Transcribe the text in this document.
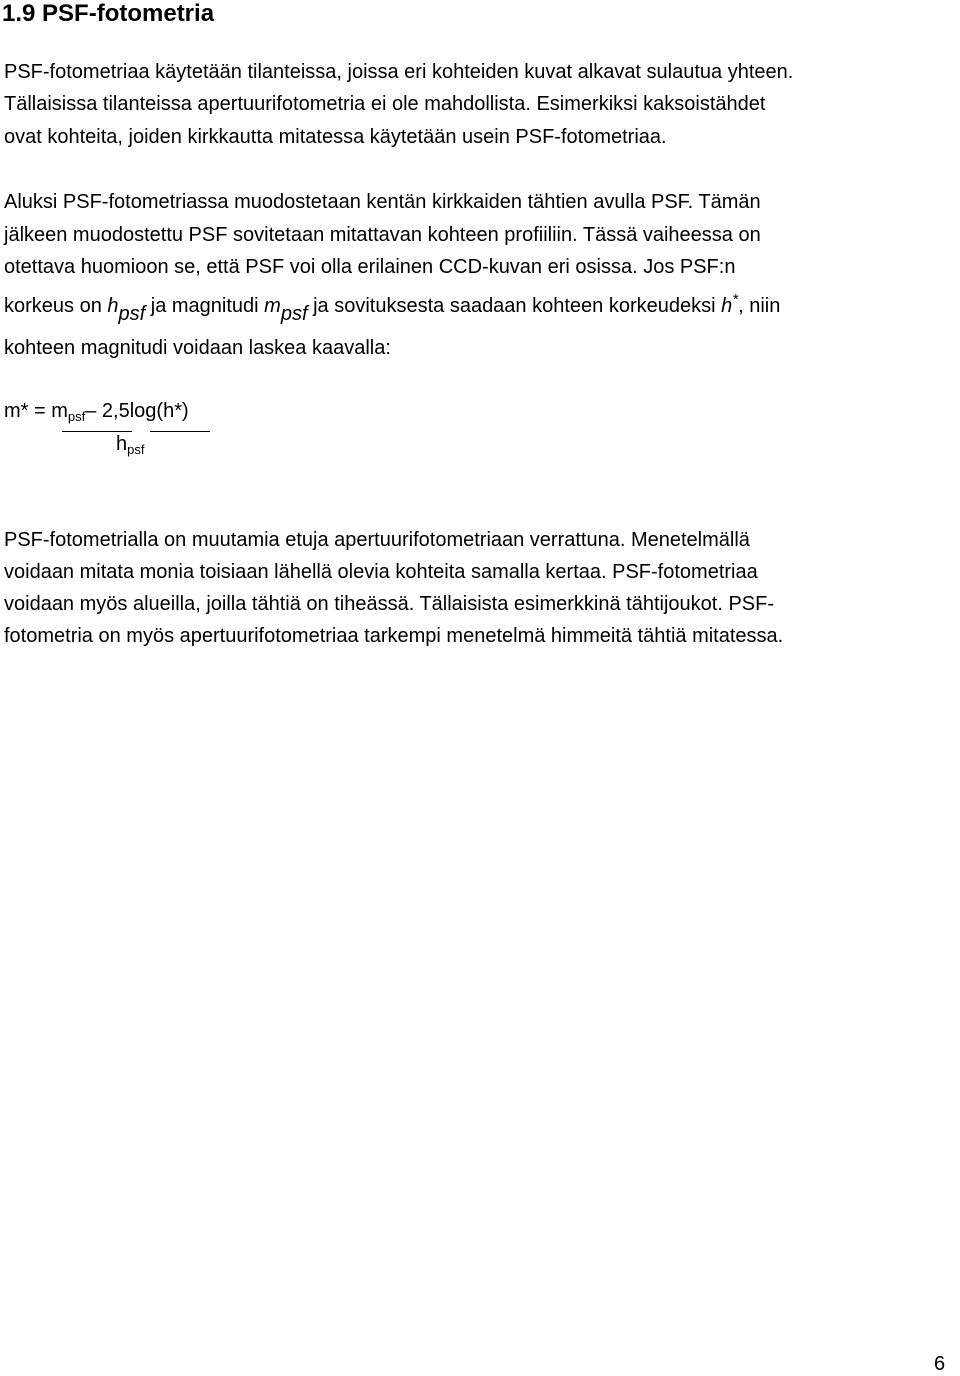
1.9 PSF-fotometria
PSF-fotometriaa käytetään tilanteissa, joissa eri kohteiden kuvat alkavat sulautua yhteen.
Tällaisissa tilanteissa apertuurifotometria ei ole mahdollista. Esimerkiksi kaksoistähdet
ovat kohteita, joiden kirkkautta mitatessa käytetään usein PSF-fotometriaa.
Aluksi PSF-fotometriassa muodostetaan kentän kirkkaiden tähtien avulla PSF. Tämän
jälkeen muodostettu PSF sovitetaan mitattavan kohteen profiiliin. Tässä vaiheessa on
otettava huomioon se, että PSF voi olla erilainen CCD-kuvan eri osissa. Jos PSF:n
korkeus on hpsf ja magnitudi mpsf ja sovituksesta saadaan kohteen korkeudeksi h*, niin
kohteen magnitudi voidaan laskea kaavalla:
$m* = m_{psf}-$ 2,5log(h*)
$h_{psf}$
PSF-fotometrialla on muutamia etuja apertuurifotometriaan verrattuna. Menetelmällä
voidaan mitata monia toisiaan lähellä olevia kohteita samalla kertaa. PSF-fotometriaa
voidaan myös alueilla, joilla tähtiä on tiheässä. Tällaisista esimerkkinä tähtijoukot. PSF-
fotometria on myös apertuurifotometriaa tarkempi menetelmä himmeitä tähtiä mitatessa.
6
